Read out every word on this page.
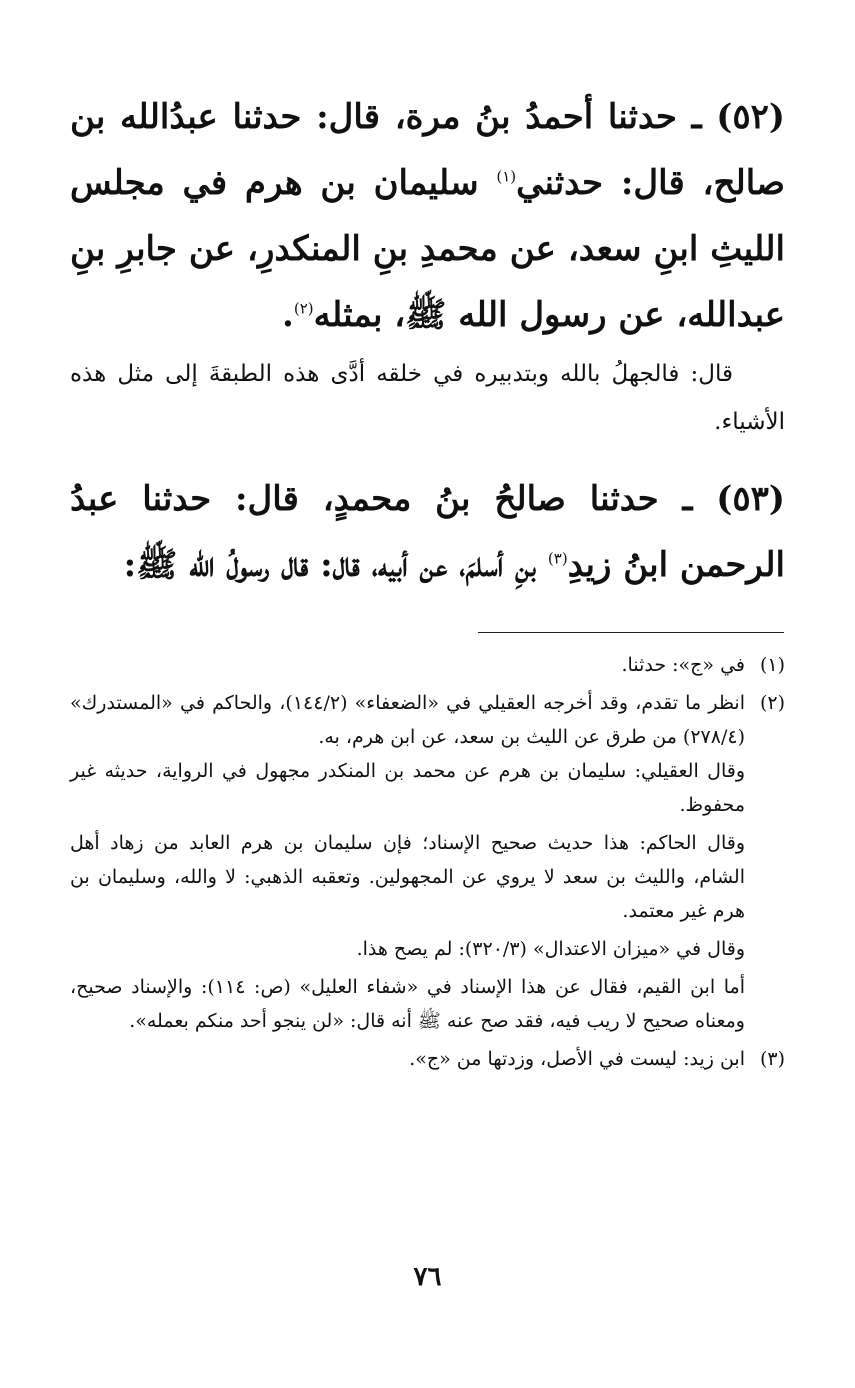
(٥٢) ـ حدثنا أحمدُ بنُ مرة، قال: حدثنا عبدُالله بن صالح، قال: حدثني$^{(١)}$ سليمان بن هرم في مجلس الليثِ ابنِ سعد، عن محمدِ بنِ المنكدرِ، عن جابرِ بنِ عبدالله، عن رسول الله ﷺ، بمثله$^{(٢)}$.

قال: فالجهلُ بالله وبتدبيره في خلقه أدَّى هذه الطبقةَ إلى مثل هذه الأشياء.

(٥٣) ـ حدثنا صالحُ بنُ محمدٍ، قال: حدثنا عبدُ الرحمن ابنُ زيدِ$^{(٣)}$ بنِ أسلمَ، عن أبيه، قال: قال رسولُ الله ﷺ:

(١)
في «ج»: حدثنا.
(٢)
انظر ما تقدم، وقد أخرجه العقيلي في «الضعفاء» (١٤٤/٢)، والحاكم في «المستدرك» (٢٧٨/٤) من طرق عن الليث بن سعد، عن ابن هرم، به.

وقال العقيلي: سليمان بن هرم عن محمد بن المنكدر مجهول في الرواية، حديثه غير محفوظ.

وقال الحاكم: هذا حديث صحيح الإسناد؛ فإن سليمان بن هرم العابد من زهاد أهل الشام، والليث بن سعد لا يروي عن المجهولين. وتعقبه الذهبي: لا والله، وسليمان بن هرم غير معتمد.

وقال في «ميزان الاعتدال» (٣٢٠/٣): لم يصح هذا.

أما ابن القيم، فقال عن هذا الإسناد في «شفاء العليل» (ص: ١١٤): والإسناد صحيح، ومعناه صحيح لا ريب فيه، فقد صح عنه ﷺ أنه قال: «لن ينجو أحد منكم بعمله».

(٣)
ابن زيد: ليست في الأصل، وزدتها من «ج».
٧٦
